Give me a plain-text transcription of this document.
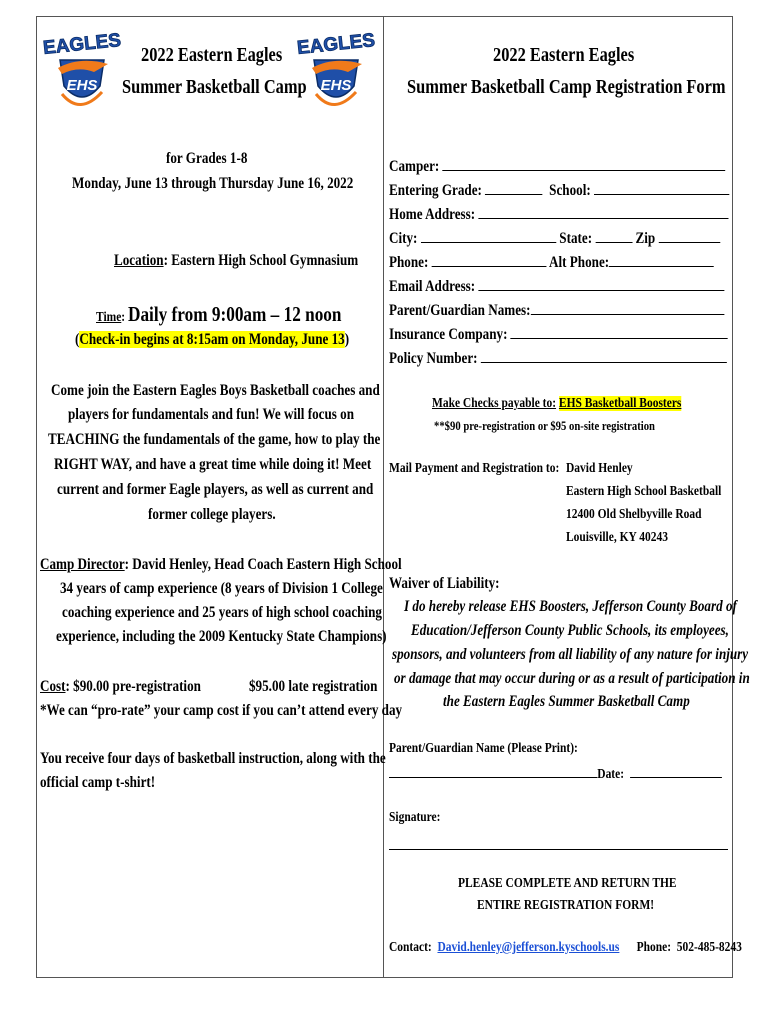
EAGLES
EHS
EAGLES
EHS
2022 Eastern Eagles
Summer Basketball Camp
for Grades 1-8
Monday, June 13 through Thursday June 16, 2022
Location: Eastern High School Gymnasium
Time: Daily from 9:00am – 12 noon
(Check-in begins at 8:15am on Monday, June 13)
Come join the Eastern Eagles Boys Basketball coaches and
players for fundamentals and fun! We will focus on
TEACHING the fundamentals of the game, how to play the
RIGHT WAY, and have a great time while doing it! Meet
current and former Eagle players, as well as current and
former college players.
Camp Director: David Henley, Head Coach Eastern High School
34 years of camp experience (8 years of Division 1 College
coaching experience and 25 years of high school coaching
experience, including the 2009 Kentucky State Champions)
Cost: $90.00 pre-registration	$95.00 late registration
*We can “pro-rate” your camp cost if you can’t attend every day
You receive four days of basketball instruction, along with the
official camp t-shirt!
2022 Eastern Eagles
Summer Basketball Camp Registration Form
Camper:
Entering Grade:	School:
Home Address:
City:	State:	Zip
Phone:	Alt Phone:
Email Address:
Parent/Guardian Names:
Insurance Company:
Policy Number:
Make Checks payable to: EHS Basketball Boosters
**$90 pre-registration or $95 on-site registration
Mail Payment and Registration to: David Henley
Eastern High School Basketball
12400 Old Shelbyville Road
Louisville, KY 40243
Waiver of Liability:
I do hereby release EHS Boosters, Jefferson County Board of
Education/Jefferson County Public Schools, its employees,
sponsors, and volunteers from all liability of any nature for injury
or damage that may occur during or as a result of participation in
the Eastern Eagles Summer Basketball Camp
Parent/Guardian Name (Please Print):
Date:
Signature:
PLEASE COMPLETE AND RETURN THE
ENTIRE REGISTRATION FORM!
Contact: David.henley@jefferson.kyschools.us Phone: 502-485-8243
